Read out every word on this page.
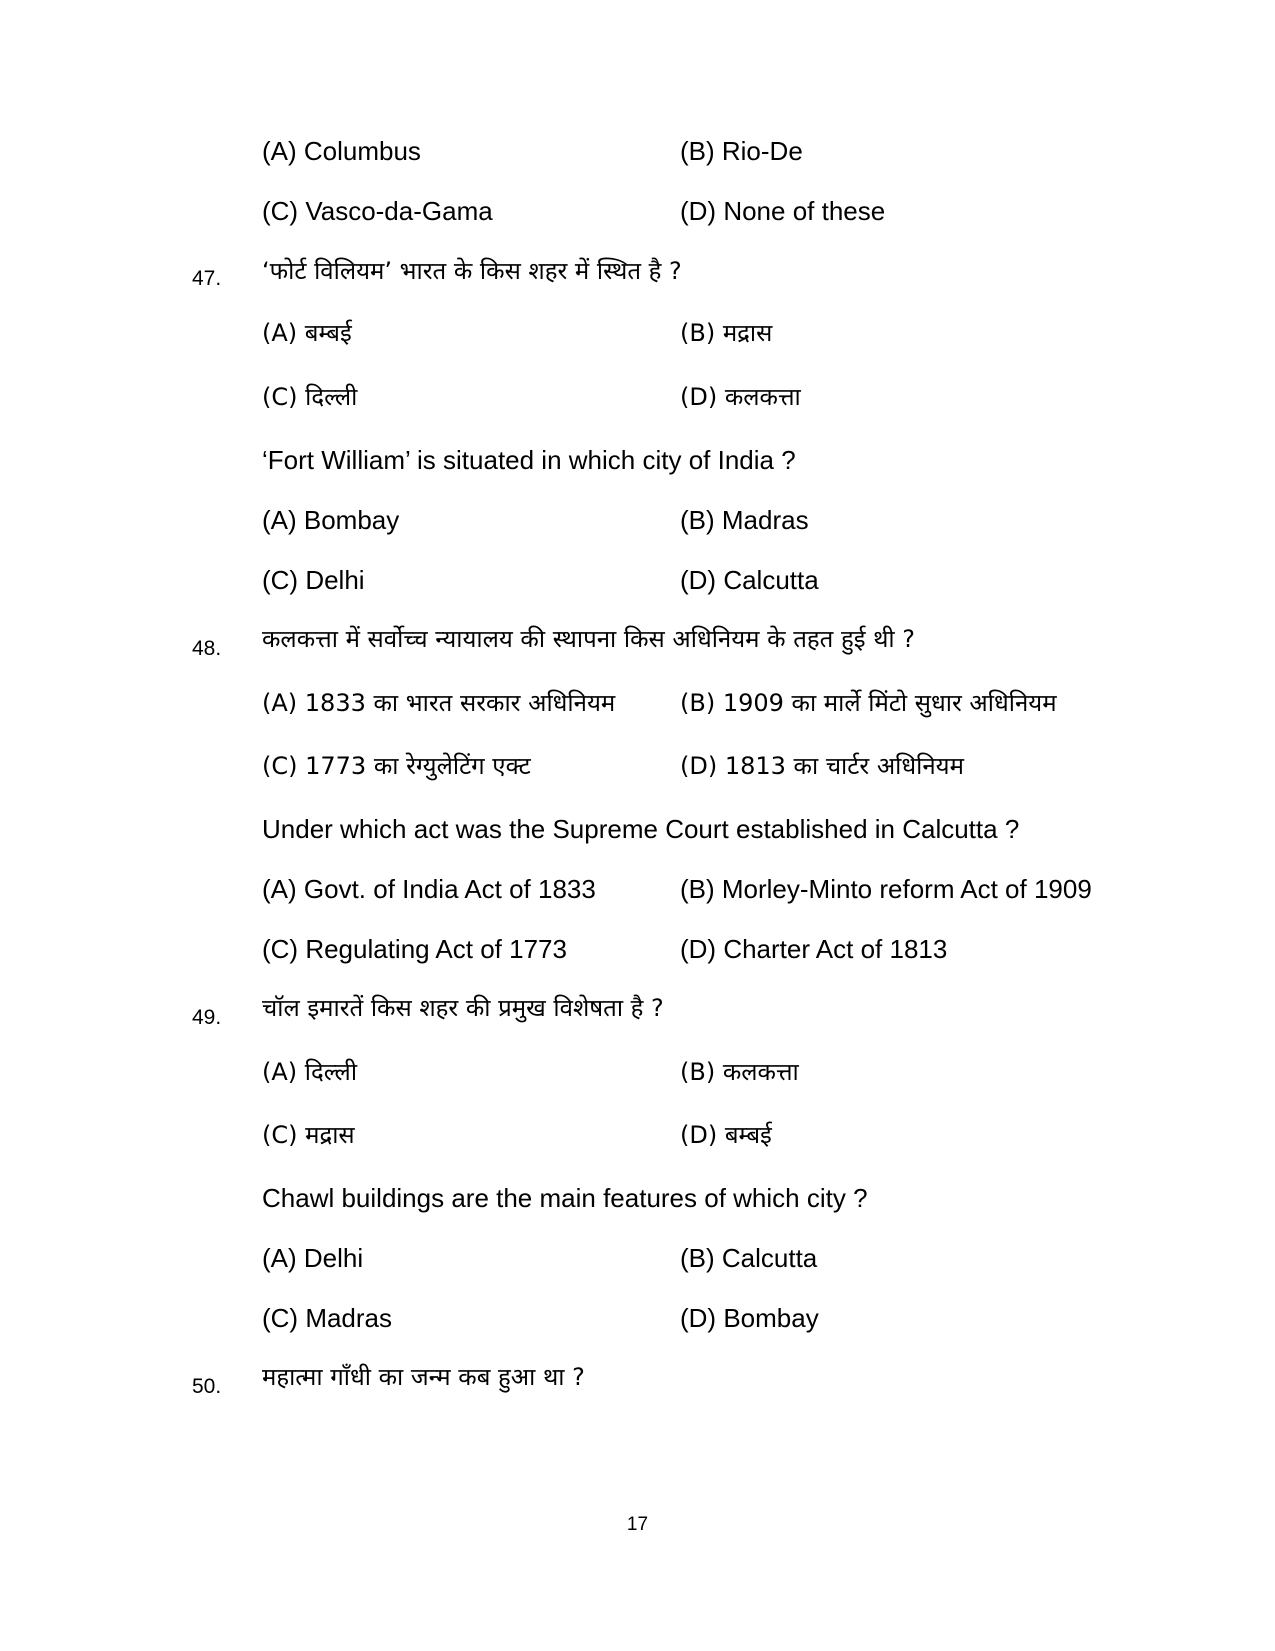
(A) Columbus	(B) Rio-De
(C) Vasco-da-Gama	(D) None of these
47. ‘फोर्ट विलियम’ भारत के किस शहर में स्थित है ?
(A) बम्बई	(B) मद्रास
(C) दिल्ली	(D) कलकत्ता
‘Fort William’ is situated in which city of India ?
(A) Bombay	(B) Madras
(C) Delhi	(D) Calcutta
48. कलकत्ता में सर्वोच्च न्यायालय की स्थापना किस अधिनियम के तहत हुई थी ?
(A) 1833 का भारत सरकार अधिनियम	(B) 1909 का मार्ले मिंटो सुधार अधिनियम
(C) 1773 का रेग्युलेटिंग एक्ट	(D) 1813 का चार्टर अधिनियम
Under which act was the Supreme Court established in Calcutta ?
(A) Govt. of India Act of 1833	(B) Morley-Minto reform Act of 1909
(C) Regulating Act of 1773	(D) Charter Act of 1813
49. चॉल इमारतें किस शहर की प्रमुख विशेषता है ?
(A) दिल्ली	(B) कलकत्ता
(C) मद्रास	(D) बम्बई
Chawl buildings are the main features of which city ?
(A) Delhi	(B) Calcutta
(C) Madras	(D) Bombay
50. महात्मा गाँधी का जन्म कब हुआ था ?
17
